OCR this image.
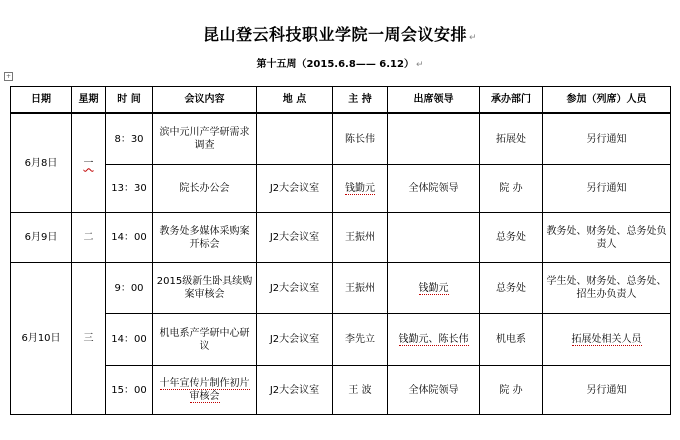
昆山登云科技职业学院一周会议安排 ↵
第十五周（2015.6.8—— 6.12） ↵
+
日期	星期	时 间	会议内容	地 点	主 持	出席领导	承办部门	参加（列席）人员
6月8日	一	8：30	滨中元川产学研需求调查		陈长伟		拓展处	另行通知
		13：30	院长办公会	J2大会议室	钱勤元	全体院领导	院 办	另行通知
6月9日	二	14：00	教务处多媒体采购案开标会	J2大会议室	王振州		总务处	教务处、财务处、总务处负责人
6月10日	三	9：00	2015级新生卧具续购案审核会	J2大会议室	王振州	钱勤元	总务处	学生处、财务处、总务处、招生办负责人
		14：00	机电系产学研中心研议	J2大会议室	李先立	钱勤元、陈长伟	机电系	拓展处相关人员
		15：00	十年宣传片制作初片审核会	J2大会议室	王 波	全体院领导	院 办	另行通知
